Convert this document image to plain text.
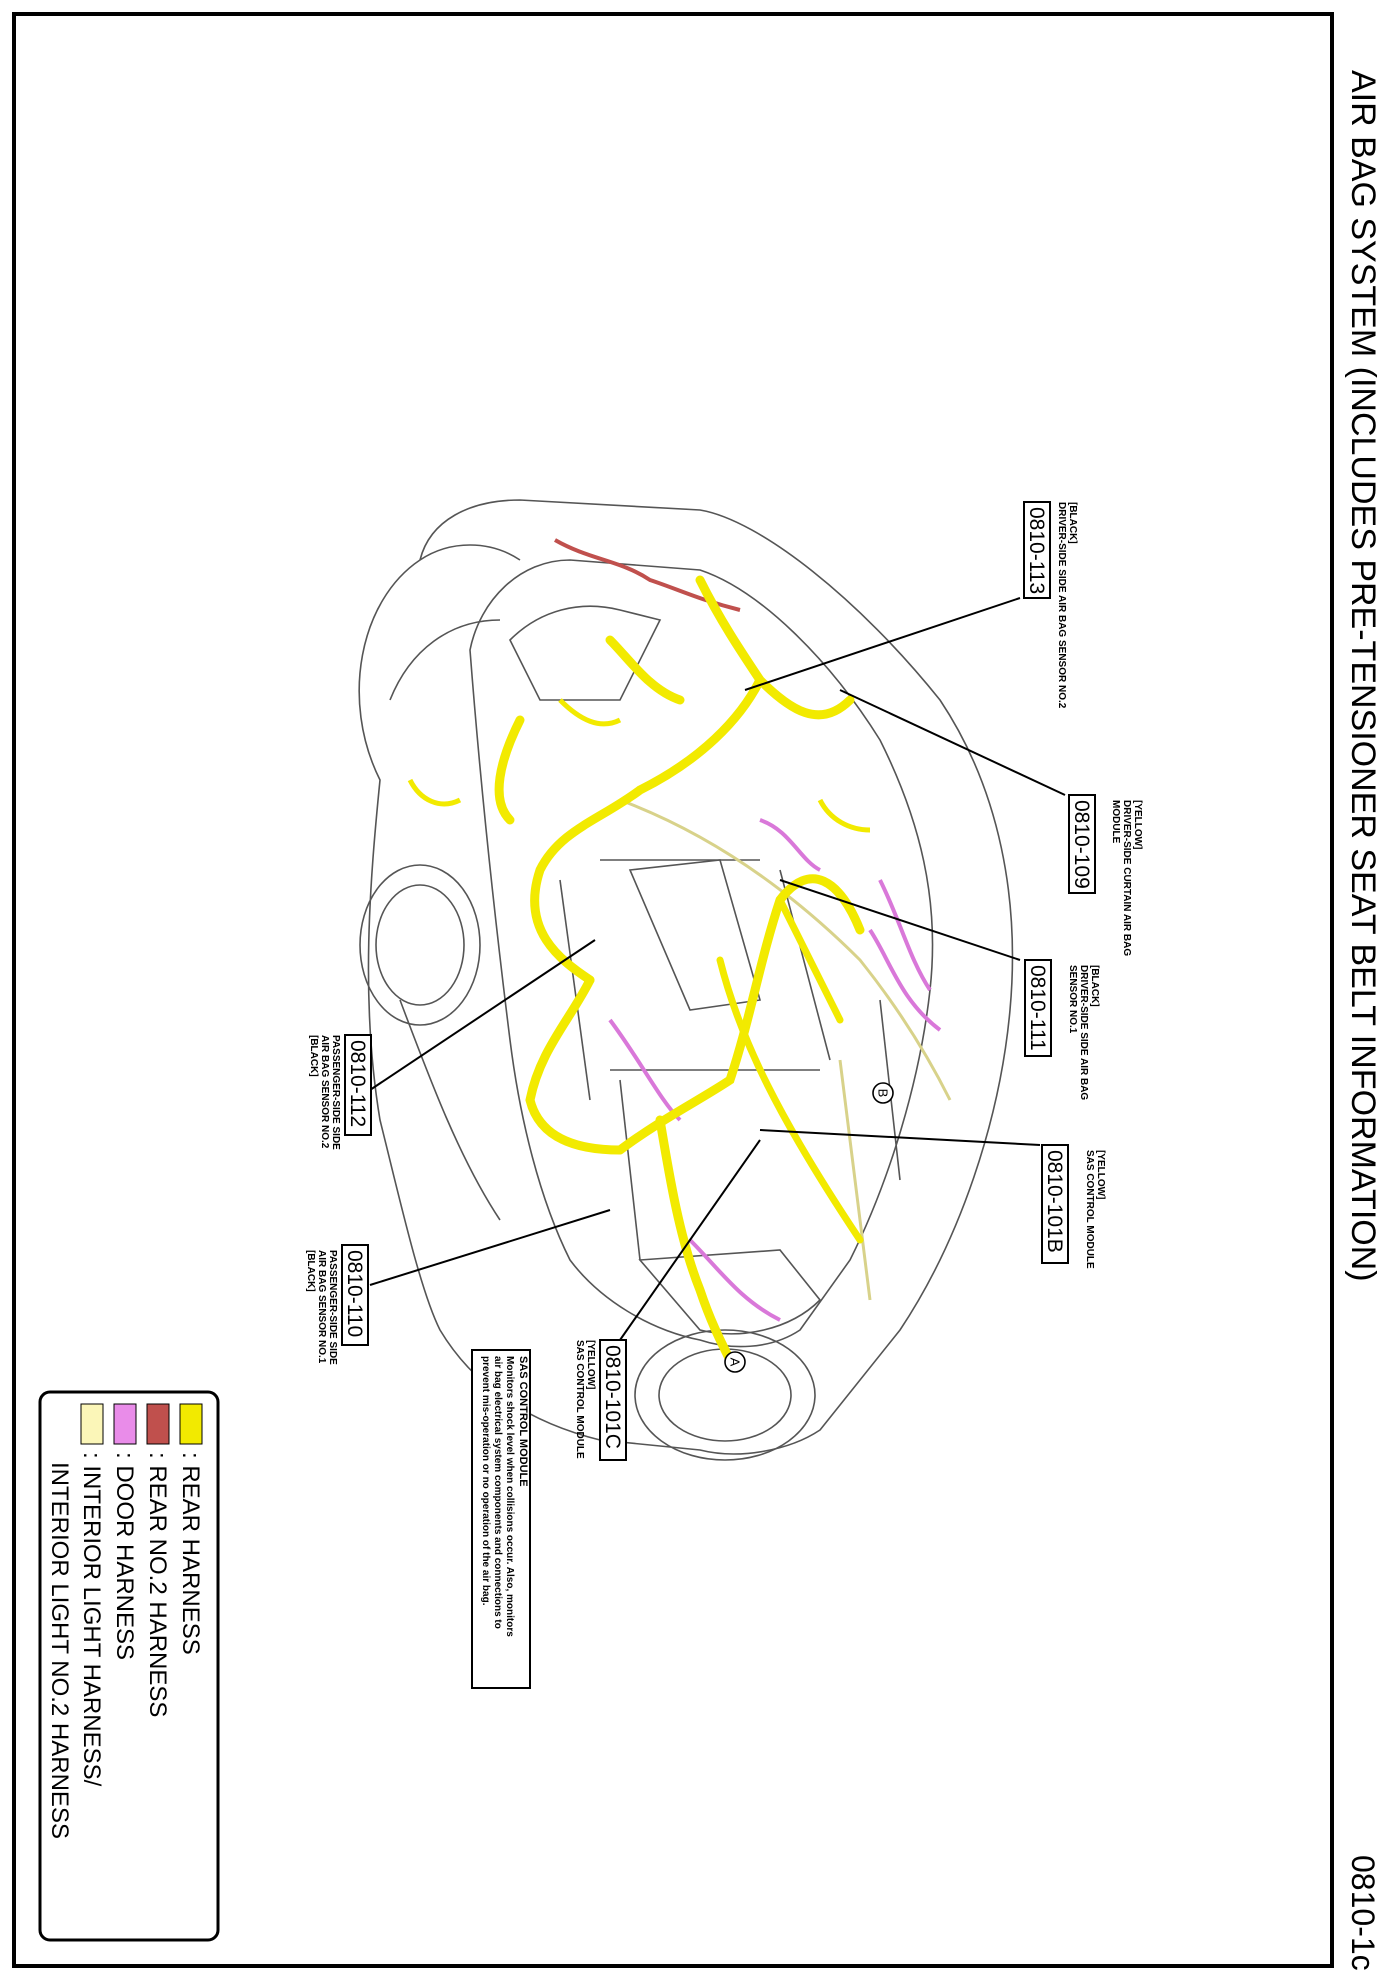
AIR BAG SYSTEM (INCLUDES PRE-TENSIONER SEAT BELT INFORMATION)
0810-1c
B
A
0810-113 [BLACK]
DRIVER-SIDE SIDE AIR BAG SENSOR NO.2
0810-109	[YELLOW]
DRIVER-SIDE CURTAIN AIR BAG
MODULE
0810-111	[BLACK]
DRIVER-SIDE SIDE AIR BAG
SENSOR NO.1
0810-101B	[YELLOW]
SAS CONTROL MODULE
0810-101C
[YELLOW]
SAS CONTROL MODULE
0810-112
PASSENGER-SIDE SIDE
AIR BAG SENSOR NO.2
[BLACK]
0810-110
PASSENGER-SIDE SIDE
AIR BAG SENSOR NO.1
[BLACK]
SAS CONTROL MODULE
Monitors shock level when collisions occur. Also, monitors
air bag electrical system components and connections to
prevent mis-operation or no operation of the air bag.
: REAR HARNESS
: REAR NO.2 HARNESS
: DOOR HARNESS
: INTERIOR LIGHT HARNESS/
INTERIOR LIGHT NO.2 HARNESS
